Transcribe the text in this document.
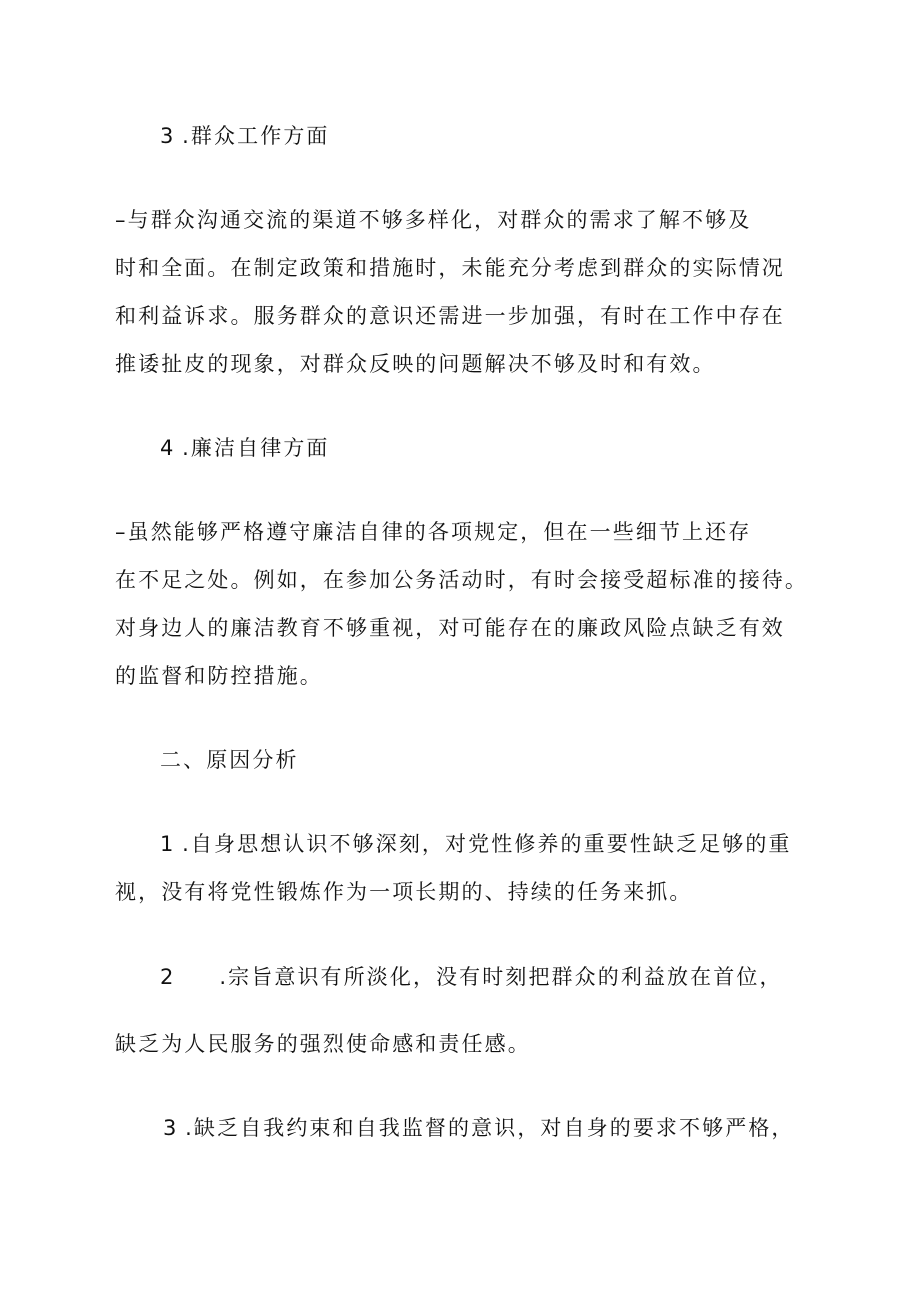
3 .群众工作方面
–与群众沟通交流的渠道不够多样化，对群众的需求了解不够及
时和全面。在制定政策和措施时，未能充分考虑到群众的实际情况
和利益诉求。服务群众的意识还需进一步加强，有时在工作中存在
推诿扯皮的现象，对群众反映的问题解决不够及时和有效。
4 .廉洁自律方面
–虽然能够严格遵守廉洁自律的各项规定，但在一些细节上还存
在不足之处。例如，在参加公务活动时，有时会接受超标准的接待。
对身边人的廉洁教育不够重视，对可能存在的廉政风险点缺乏有效
的监督和防控措施。
二、原因分析
1 .自身思想认识不够深刻，对党性修养的重要性缺乏足够的重
视，没有将党性锻炼作为一项长期的、持续的任务来抓。
2 .宗旨意识有所淡化，没有时刻把群众的利益放在首位，
缺乏为人民服务的强烈使命感和责任感。
3 .缺乏自我约束和自我监督的意识，对自身的要求不够严格，
